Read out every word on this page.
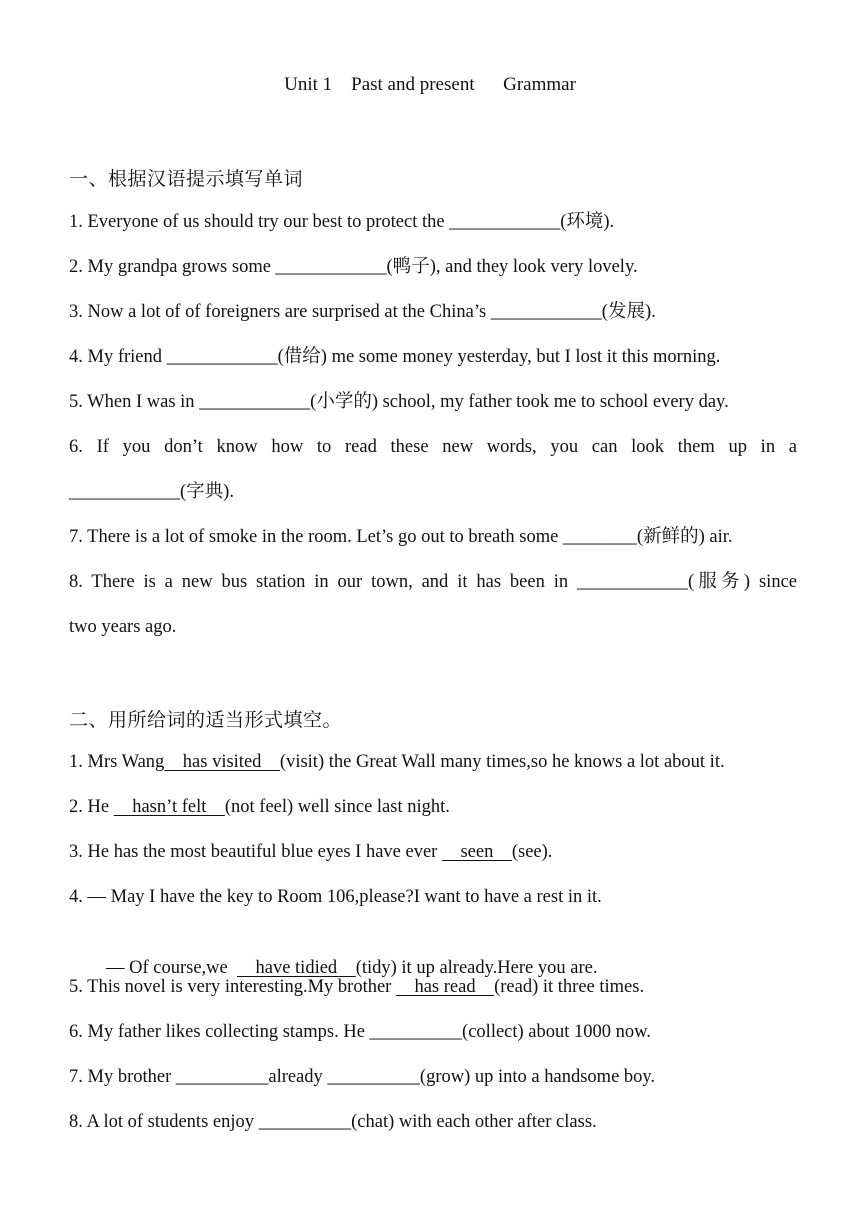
Unit 1    Past and present      Grammar
一、根据汉语提示填写单词
1. Everyone of us should try our best to protect the ____________(环境).
2. My grandpa grows some ____________(鸭子), and they look very lovely.
3. Now a lot of of foreigners are surprised at the China’s ____________(发展).
4. My friend ____________(借给) me some money yesterday, but I lost it this morning.
5. When I was in ____________(小学的) school, my father took me to school every day.
6. If you don’t know how to read these new words, you can look them up in a
____________(字典).
7. There is a lot of smoke in the room. Let’s go out to breath some ________(新鲜的) air.
8. There is a new bus station in our town, and it has been in ____________(服务) since
two years ago.
二、用所给词的适当形式填空。
1. Mrs Wang    has visited    (visit) the Great Wall many times,so he knows a lot about it.
2. He     hasn’t felt    (not feel) well since last night.
3. He has the most beautiful blue eyes I have ever     seen    (see).
4. — May I have the key to Room 106,please?I want to have a rest in it.

— Of course,we      have tidied    (tidy) it up already.Here you are.

5. This novel is very interesting.My brother     has read    (read) it three times.
6. My father likes collecting stamps. He __________(collect) about 1000 now.
7. My brother __________already __________(grow) up into a handsome boy.
8. A lot of students enjoy __________(chat) with each other after class.
